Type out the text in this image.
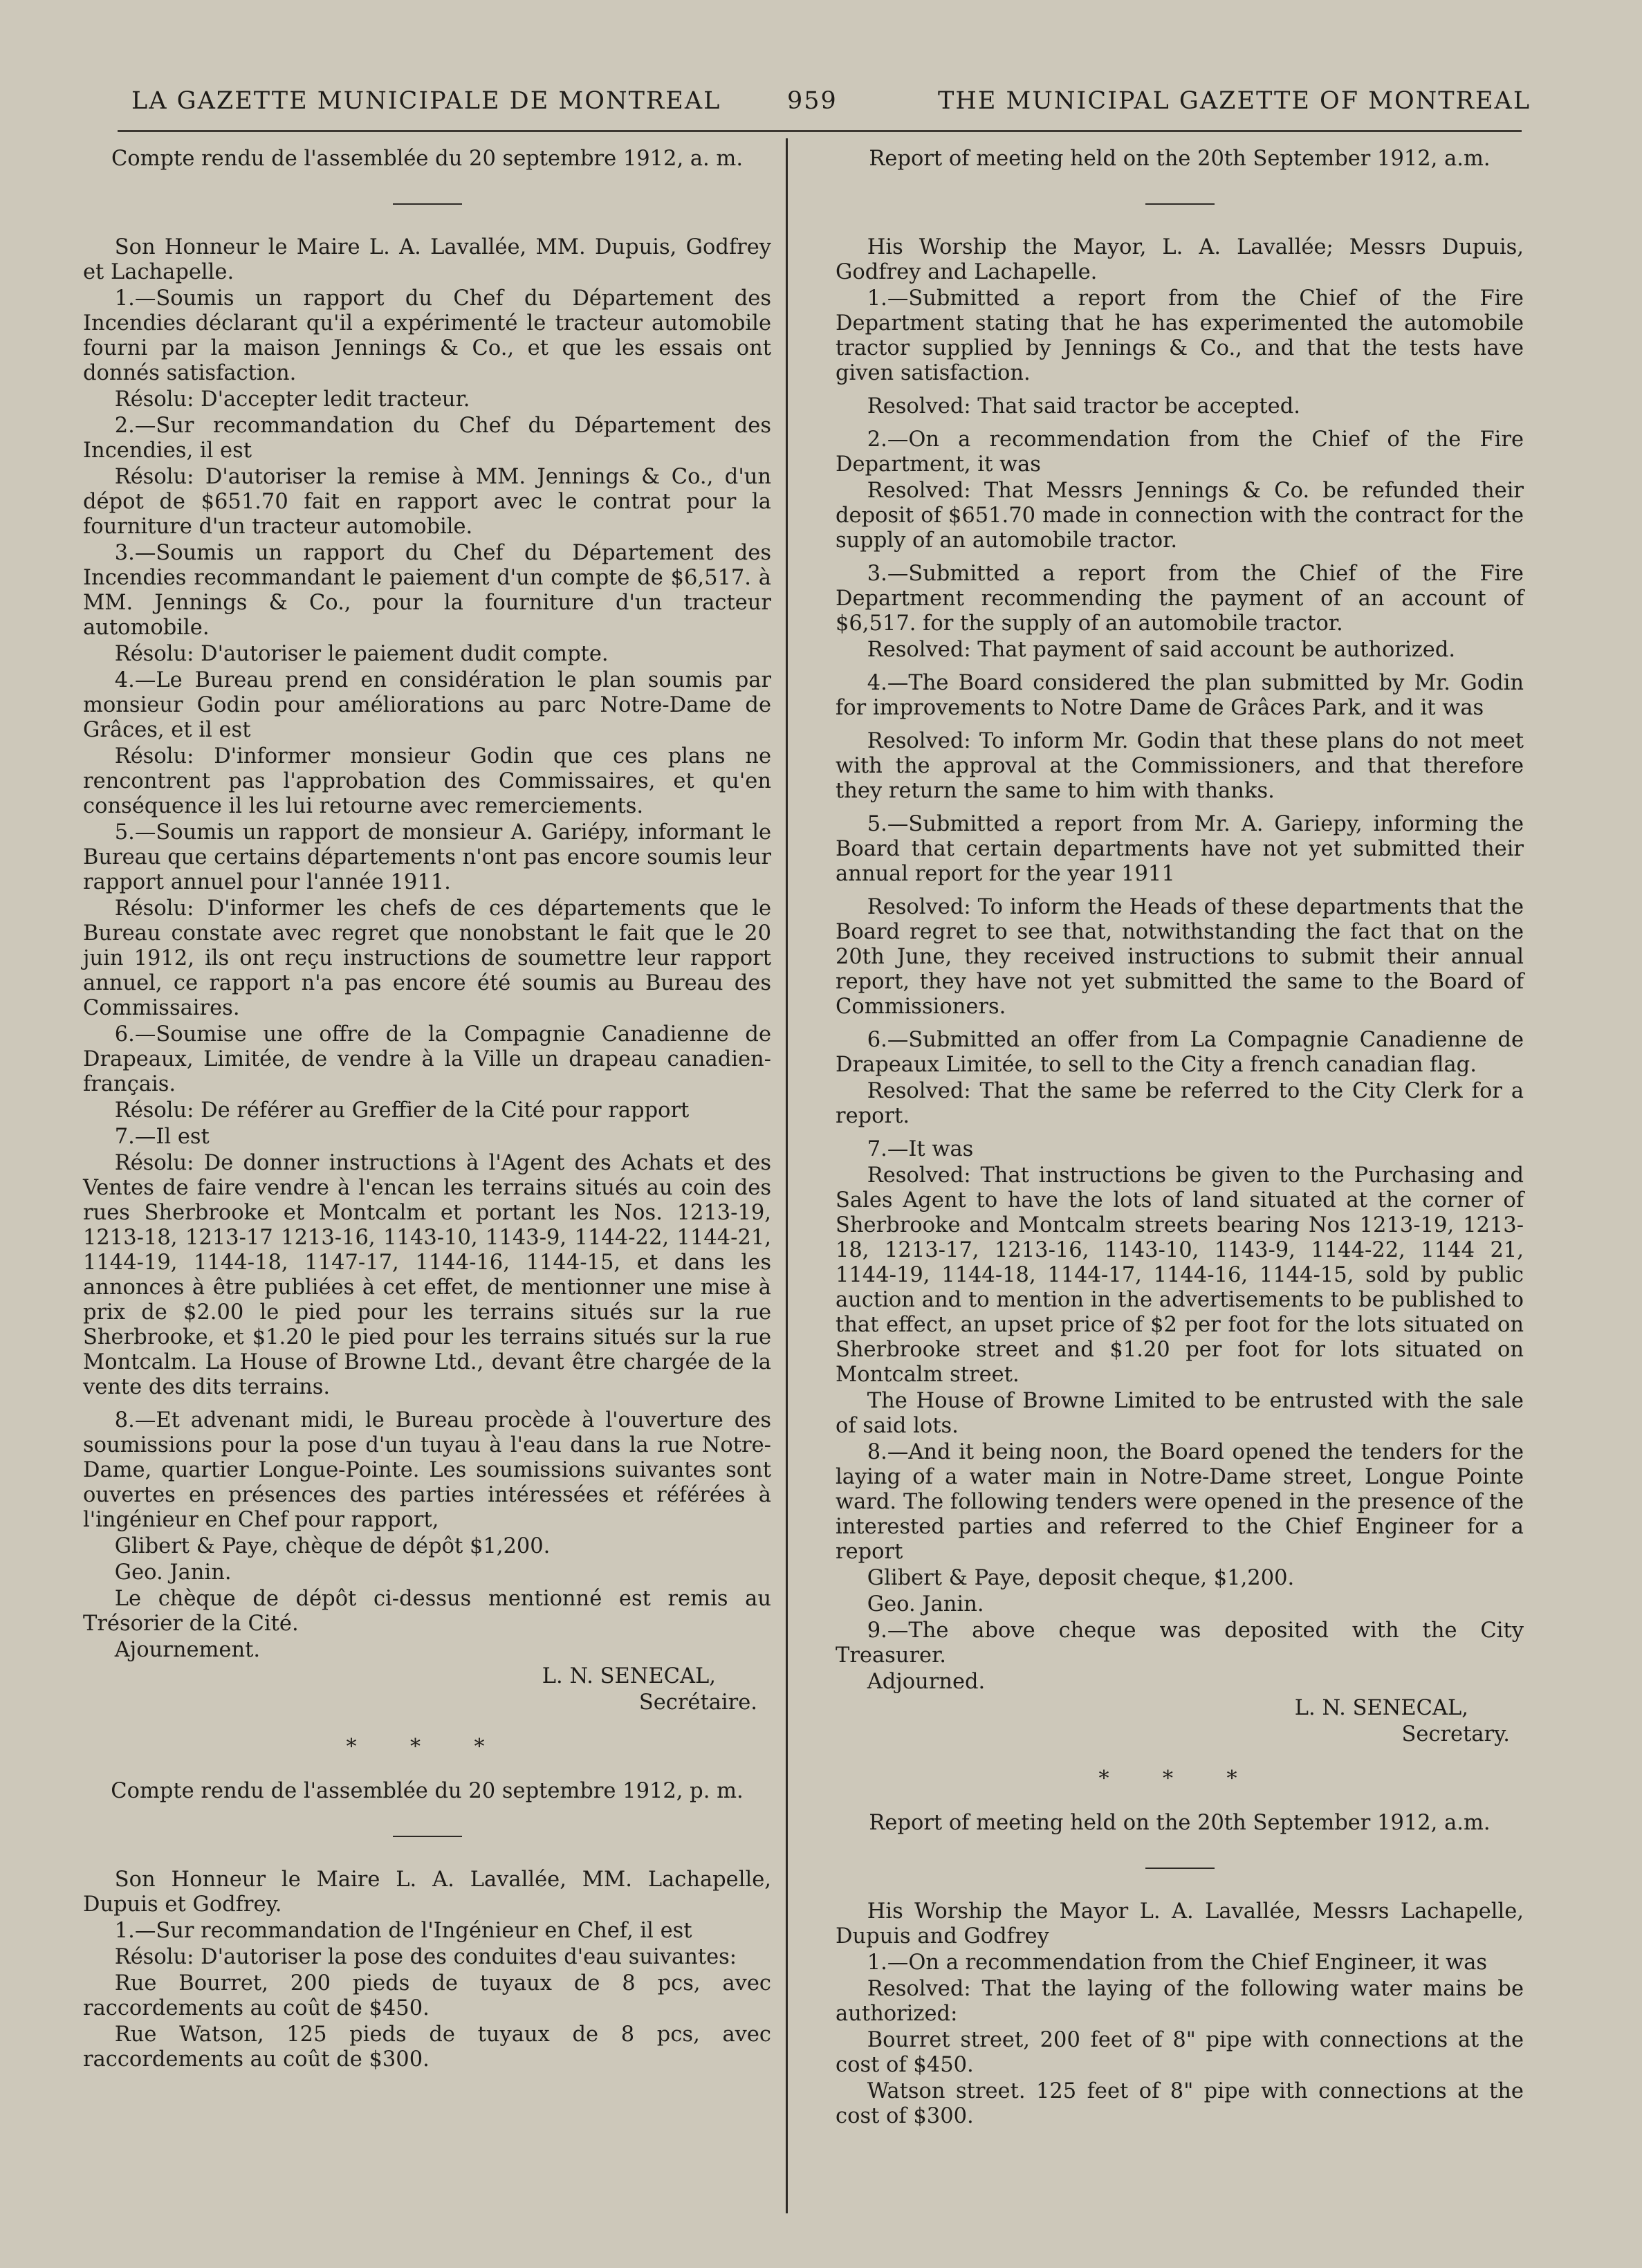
LA GAZETTE MUNICIPALE DE MONTREAL	959	THE MUNICIPAL GAZETTE OF MONTREAL

Compte rendu de l'assemblée du 20 septembre 1912, a. m.

Son Honneur le Maire L. A. Lavallée, MM. Dupuis, Godfrey et Lachapelle.

1.—Soumis un rapport du Chef du Département des Incendies déclarant qu'il a expérimenté le tracteur automobile fourni par la maison Jennings & Co., et que les essais ont donnés satisfaction.

Résolu: D'accepter ledit tracteur.

2.—Sur recommandation du Chef du Département des Incendies, il est

Résolu: D'autoriser la remise à MM. Jennings & Co., d'un dépot de $651.70 fait en rapport avec le contrat pour la fourniture d'un tracteur automobile.

3.—Soumis un rapport du Chef du Département des Incendies recommandant le paiement d'un compte de $6,517. à MM. Jennings & Co., pour la fourniture d'un tracteur automobile.

Résolu: D'autoriser le paiement dudit compte.

4.—Le Bureau prend en considération le plan soumis par monsieur Godin pour améliorations au parc Notre-Dame de Grâces, et il est

Résolu: D'informer monsieur Godin que ces plans ne rencontrent pas l'approbation des Commissaires, et qu'en conséquence il les lui retourne avec remerciements.

5.—Soumis un rapport de monsieur A. Gariépy, informant le Bureau que certains départements n'ont pas encore soumis leur rapport annuel pour l'année 1911.

Résolu: D'informer les chefs de ces départements que le Bureau constate avec regret que nonobstant le fait que le 20 juin 1912, ils ont reçu instructions de soumettre leur rapport annuel, ce rapport n'a pas encore été soumis au Bureau des Commissaires.

6.—Soumise une offre de la Compagnie Canadienne de Drapeaux, Limitée, de vendre à la Ville un drapeau canadien-français.

Résolu: De référer au Greffier de la Cité pour rapport

7.—Il est

Résolu: De donner instructions à l'Agent des Achats et des Ventes de faire vendre à l'encan les terrains situés au coin des rues Sherbrooke et Montcalm et portant les Nos. 1213-19, 1213-18, 1213-17 1213-16, 1143-10, 1143-9, 1144-22, 1144-21, 1144-19, 1144-18, 1147-17, 1144-16, 1144-15, et dans les annonces à être publiées à cet effet, de mentionner une mise à prix de $2.00 le pied pour les terrains situés sur la rue Sherbrooke, et $1.20 le pied pour les terrains situés sur la rue Montcalm. La House of Browne Ltd., devant être chargée de la vente des dits terrains.

8.—Et advenant midi, le Bureau procède à l'ouverture des soumissions pour la pose d'un tuyau à l'eau dans la rue Notre-Dame, quartier Longue-Pointe. Les soumissions suivantes sont ouvertes en présences des parties intéressées et référées à l'ingénieur en Chef pour rapport,

Glibert & Paye, chèque de dépôt $1,200.

Geo. Janin.

Le chèque de dépôt ci-dessus mentionné est remis au Trésorier de la Cité.

Ajournement.

L. N. SENECAL,

Secrétaire.

* * *

Compte rendu de l'assemblée du 20 septembre 1912, p. m.

Son Honneur le Maire L. A. Lavallée, MM. Lachapelle, Dupuis et Godfrey.

1.—Sur recommandation de l'Ingénieur en Chef, il est

Résolu: D'autoriser la pose des conduites d'eau suivantes:

Rue Bourret, 200 pieds de tuyaux de 8 pcs, avec raccordements au coût de $450.

Rue Watson, 125 pieds de tuyaux de 8 pcs, avec raccordements au coût de $300.

Report of meeting held on the 20th September 1912, a.m.

His Worship the Mayor, L. A. Lavallée; Messrs Dupuis, Godfrey and Lachapelle.

1.—Submitted a report from the Chief of the Fire Department stating that he has experimented the automobile tractor supplied by Jennings & Co., and that the tests have given satisfaction.

Resolved: That said tractor be accepted.

2.—On a recommendation from the Chief of the Fire Department, it was

Resolved: That Messrs Jennings & Co. be refunded their deposit of $651.70 made in connection with the contract for the supply of an automobile tractor.

3.—Submitted a report from the Chief of the Fire Department recommending the payment of an account of $6,517. for the supply of an automobile tractor.

Resolved: That payment of said account be authorized.

4.—The Board considered the plan submitted by Mr. Godin for improvements to Notre Dame de Grâces Park, and it was

Resolved: To inform Mr. Godin that these plans do not meet with the approval at the Commissioners, and that therefore they return the same to him with thanks.

5.—Submitted a report from Mr. A. Gariepy, informing the Board that certain departments have not yet submitted their annual report for the year 1911

Resolved: To inform the Heads of these departments that the Board regret to see that, notwithstanding the fact that on the 20th June, they received instructions to submit their annual report, they have not yet submitted the same to the Board of Commissioners.

6.—Submitted an offer from La Compagnie Canadienne de Drapeaux Limitée, to sell to the City a french canadian flag.

Resolved: That the same be referred to the City Clerk for a report.

7.—It was

Resolved: That instructions be given to the Purchasing and Sales Agent to have the lots of land situated at the corner of Sherbrooke and Montcalm streets bearing Nos 1213-19, 1213-18, 1213-17, 1213-16, 1143-10, 1143-9, 1144-22, 1144 21, 1144-19, 1144-18, 1144-17, 1144-16, 1144-15, sold by public auction and to mention in the advertisements to be published to that effect, an upset price of $2 per foot for the lots situated on Sherbrooke street and $1.20 per foot for lots situated on Montcalm street.

The House of Browne Limited to be entrusted with the sale of said lots.

8.—And it being noon, the Board opened the tenders for the laying of a water main in Notre-Dame street, Longue Pointe ward. The following tenders were opened in the presence of the interested parties and referred to the Chief Engineer for a report

Glibert & Paye, deposit cheque, $1,200.

Geo. Janin.

9.—The above cheque was deposited with the City Treasurer.

Adjourned.

L. N. SENECAL,

Secretary.

* * *

Report of meeting held on the 20th September 1912, a.m.

His Worship the Mayor L. A. Lavallée, Messrs Lachapelle, Dupuis and Godfrey

1.—On a recommendation from the Chief Engineer, it was

Resolved: That the laying of the following water mains be authorized:

Bourret street, 200 feet of 8" pipe with connections at the cost of $450.

Watson street. 125 feet of 8" pipe with connections at the cost of $300.
